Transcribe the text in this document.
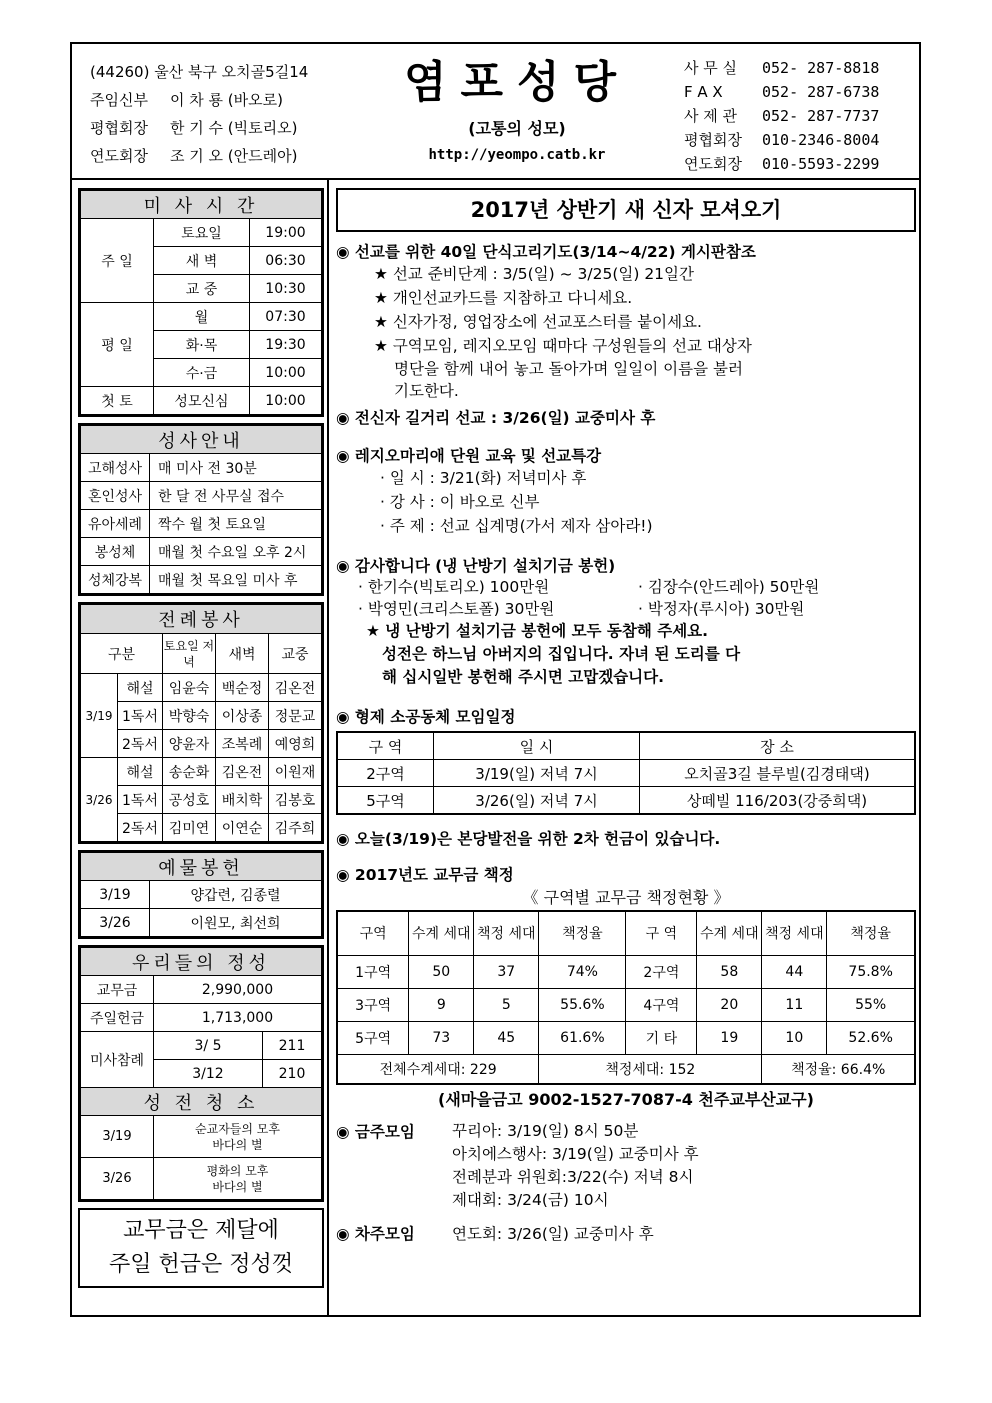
(44260) 울산 북구 오치골5길14
주임신부 이 차 룡 (바오로)
평협회장 한 기 수 (빅토리오)
연도회장 조 기 오 (안드레아)
염포성당
(고통의 성모)
http://yeompo.catb.kr
사 무 실 052- 287-8818
F A X	052- 287-6738
사 제 관 052- 287-7737
평협회장 010-2346-8004
연도회장 010-5593-2299
미 사 시 간		
주 일	토요일	19:00
	새 벽	06:30
	교 중	10:30
평 일	월	07:30
	화·목	19:30
	수·금	10:00
첫 토	성모신심	10:00
성사안내	
고해성사	매 미사 전 30분
혼인성사	한 달 전 사무실 접수
유아세례	짝수 월 첫 토요일
봉성체	매월 첫 수요일 오후 2시
성체강복	매월 첫 목요일 미사 후
전례봉사				
구분		토요일 저녁	새벽	교중
3/19	해설	임윤숙	백순정	김온전
	1독서	박향숙	이상종	정문교
	2독서	양윤자	조복례	예영희
3/26	해설	송순화	김온전	이원재
	1독서	공성호	배치학	김봉호
	2독서	김미연	이연순	김주희
예물봉헌	
3/19	양갑련, 김종렬
3/26	이원모, 최선희
우리들의 정성		
교무금	2,990,000	
주일헌금	1,713,000	
미사참례	3/ 5	211
	3/12	210
성 전 청 소		
3/19	순교자들의 모후
바다의 별	

3/26	평화의 모후
바다의 별	
교무금은 제달에
주일 헌금은 정성껏
2017년 상반기 새 신자 모셔오기
◉ 선교를 위한 40일 단식고리기도(3/14~4/22) 게시판참조
★ 선교 준비단계 : 3/5(일) ~ 3/25(일) 21일간
★ 개인선교카드를 지참하고 다니세요.
★ 신자가정, 영업장소에 선교포스터를 붙이세요.
★ 구역모임, 레지오모임 때마다 구성원들의 선교 대상자
명단을 함께 내어 놓고 돌아가며 일일이 이름을 불러
기도한다.
◉ 전신자 길거리 선교 : 3/26(일) 교중미사 후
◉ 레지오마리애 단원 교육 및 선교특강
· 일 시 : 3/21(화) 저녁미사 후
· 강 사 : 이 바오로 신부
· 주 제 : 선교 십계명(가서 제자 삼아라!)
◉ 감사합니다 (냉 난방기 설치기금 봉헌)
· 한기수(빅토리오) 100만원	· 김장수(안드레아) 50만원
· 박영민(크리스토폴) 30만원	· 박정자(루시아) 30만원
★ 냉 난방기 설치기금 봉헌에 모두 동참해 주세요.
성전은 하느님 아버지의 집입니다. 자녀 된 도리를 다
해 십시일반 봉헌해 주시면 고맙겠습니다.
◉ 형제 소공동체 모임일정
구 역	일 시	장 소
2구역	3/19(일) 저녁 7시	오치골3길 블루빌(김경태댁)
5구역	3/26(일) 저녁 7시	상떼빌 116/203(강중희댁)
◉ 오늘(3/19)은 본당발전을 위한 2차 헌금이 있습니다.
◉ 2017년도 교무금 책정
《 구역별 교무금 책정현황 》
구역	수계 세대	책정 세대	책정율	구 역	수계 세대	책정 세대	책정율
1구역	50	37	74%	2구역	58	44	75.8%
3구역	9	5	55.6%	4구역	20	11	55%
5구역	73	45	61.6%	기 타	19	10	52.6%
전체수계세대: 229			책정세대: 152			책정율: 66.4%	
(새마을금고 9002-1527-7087-4 천주교부산교구)
◉ 금주모임	꾸리아: 3/19(일) 8시 50분
아치에스행사: 3/19(일) 교중미사 후
전례분과 위원회:3/22(수) 저녁 8시
제대회: 3/24(금) 10시
◉ 차주모임	연도회: 3/26(일) 교중미사 후
